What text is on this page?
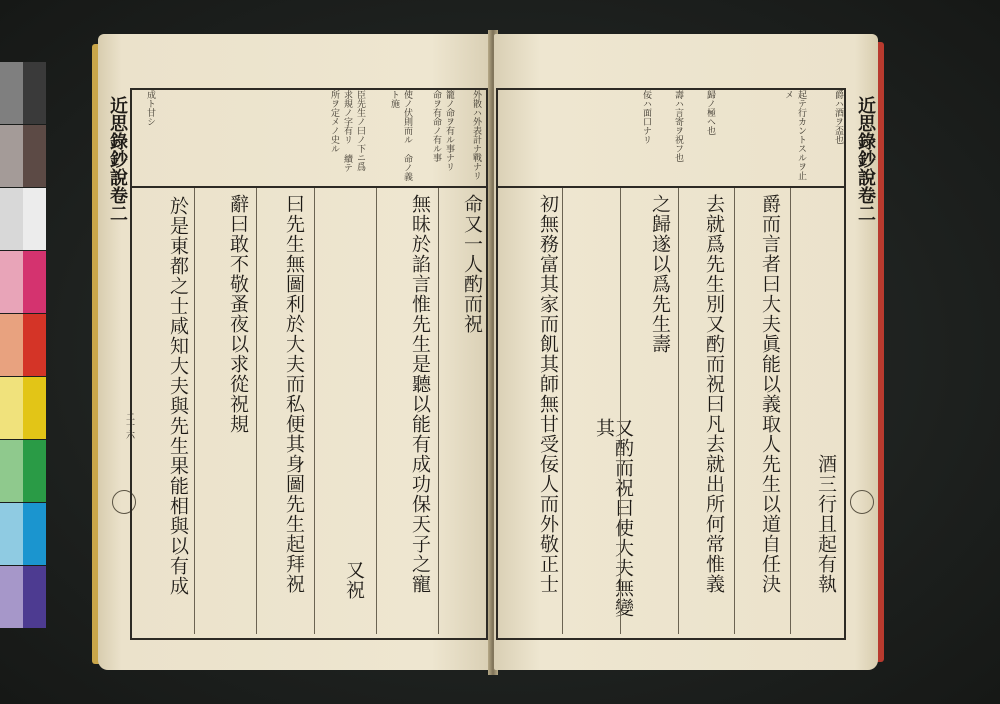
近思錄鈔說卷二
二十六
近思錄鈔說卷二
於是東都之士咸知大夫與先生果能相與以有成 辭曰敢不敬蚤夜以求從祝規 曰先生無圖利於大夫而私便其身圖先生起拜祝 又祝 無昧於諂言惟先生是聽以能有成功保天子之寵 命又一人酌而祝
成ト甘シ	臣先生ノ曰ノ下ニ爲 求規ノ字有リ 續テ 所ヲ定メノ史ル	使ノ伏則而ル 命ノ義ト施	籠ノ命ヲ有ル事ナリ 命ヲ有命ノ有ル事	外散ハ外表計ナ戰ナリ
酒三行且起有執
爵而言者曰大夫眞能以義取人先生以道自任決
去就爲先生別又酌而祝曰凡去就出所何常惟義
之歸遂以爲先生壽
又酌而祝曰使大夫無變其
初無務富其家而飢其師無甘受佞人而外敬正士
爵ハ酒ヲ盃也
起テ行カントスルヲ止メ
歸ノ極ヘ也
壽ハ言寄ヲ祝フ也
佞ハ面口ナリ
